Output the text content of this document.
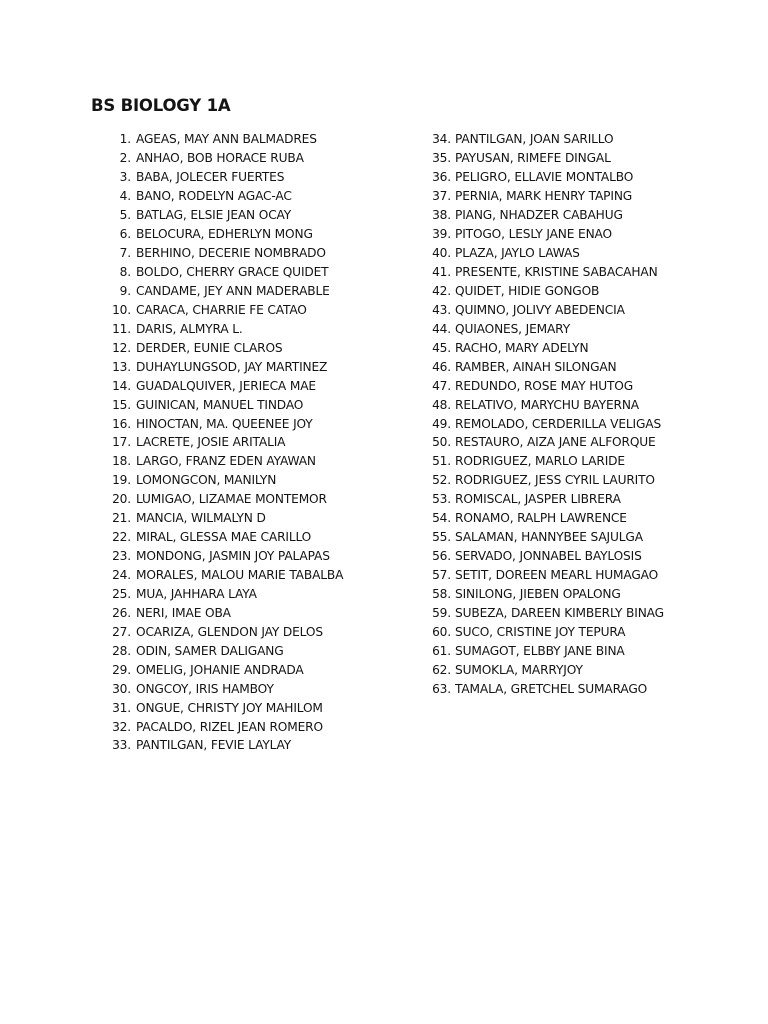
BS BIOLOGY 1A
1. AGEAS, MAY ANN BALMADRES
2. ANHAO, BOB HORACE RUBA
3. BABA, JOLECER FUERTES
4. BANO, RODELYN AGAC-AC
5. BATLAG, ELSIE JEAN OCAY
6. BELOCURA, EDHERLYN MONG
7. BERHINO, DECERIE NOMBRADO
8. BOLDO, CHERRY GRACE QUIDET
9. CANDAME, JEY ANN MADERABLE
10. CARACA, CHARRIE FE CATAO
11. DARIS, ALMYRA L.
12. DERDER, EUNIE CLAROS
13. DUHAYLUNGSOD, JAY MARTINEZ
14. GUADALQUIVER, JERIECA MAE
15. GUINICAN, MANUEL TINDAO
16. HINOCTAN, MA. QUEENEE JOY
17. LACRETE, JOSIE ARITALIA
18. LARGO, FRANZ EDEN AYAWAN
19. LOMONGCON, MANILYN
20. LUMIGAO, LIZAMAE MONTEMOR
21. MANCIA, WILMALYN D
22. MIRAL, GLESSA MAE CARILLO
23. MONDONG, JASMIN JOY PALAPAS
24. MORALES, MALOU MARIE TABALBA
25. MUA, JAHHARA LAYA
26. NERI, IMAE OBA
27. OCARIZA, GLENDON JAY DELOS
28. ODIN, SAMER DALIGANG
29. OMELIG, JOHANIE ANDRADA
30. ONGCOY, IRIS HAMBOY
31. ONGUE, CHRISTY JOY MAHILOM
32. PACALDO, RIZEL JEAN ROMERO
33. PANTILGAN, FEVIE LAYLAY
34. PANTILGAN, JOAN SARILLO
35. PAYUSAN, RIMEFE DINGAL
36. PELIGRO, ELLAVIE MONTALBO
37. PERNIA, MARK HENRY TAPING
38. PIANG, NHADZER CABAHUG
39. PITOGO, LESLY JANE ENAO
40. PLAZA, JAYLO LAWAS
41. PRESENTE, KRISTINE SABACAHAN
42. QUIDET, HIDIE GONGOB
43. QUIMNO, JOLIVY ABEDENCIA
44. QUIAONES, JEMARY
45. RACHO, MARY ADELYN
46. RAMBER, AINAH SILONGAN
47. REDUNDO, ROSE MAY HUTOG
48. RELATIVO, MARYCHU BAYERNA
49. REMOLADO, CERDERILLA VELIGAS
50. RESTAURO, AIZA JANE ALFORQUE
51. RODRIGUEZ, MARLO LARIDE
52. RODRIGUEZ, JESS CYRIL LAURITO
53. ROMISCAL, JASPER LIBRERA
54. RONAMO, RALPH LAWRENCE
55. SALAMAN, HANNYBEE SAJULGA
56. SERVADO, JONNABEL BAYLOSIS
57. SETIT, DOREEN MEARL HUMAGAO
58. SINILONG, JIEBEN OPALONG
59. SUBEZA, DAREEN KIMBERLY BINAG
60. SUCO, CRISTINE JOY TEPURA
61. SUMAGOT, ELBBY JANE BINA
62. SUMOKLA, MARRYJOY
63. TAMALA, GRETCHEL SUMARAGO
